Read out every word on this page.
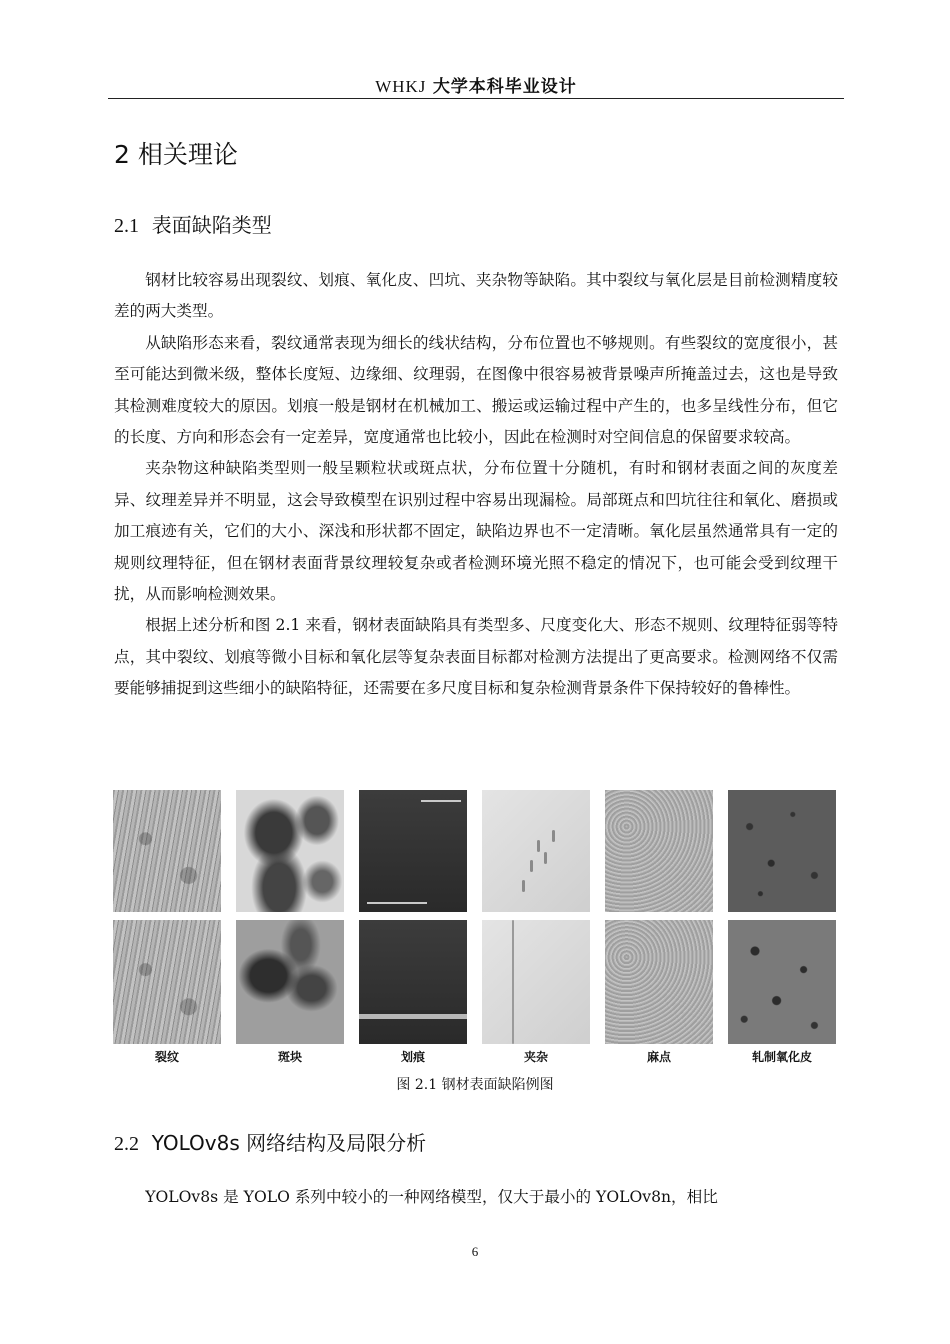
WHKJ 大学本科毕业设计
2 相关理论
2.1 表面缺陷类型

钢材比较容易出现裂纹、划痕、氧化皮、凹坑、夹杂物等缺陷。其中裂纹与氧化层是目前检测精度较差的两大类型。

从缺陷形态来看，裂纹通常表现为细长的线状结构，分布位置也不够规则。有些裂纹的宽度很小，甚至可能达到微米级，整体长度短、边缘细、纹理弱，在图像中很容易被背景噪声所掩盖过去，这也是导致其检测难度较大的原因。划痕一般是钢材在机械加工、搬运或运输过程中产生的，也多呈线性分布，但它的长度、方向和形态会有一定差异，宽度通常也比较小，因此在检测时对空间信息的保留要求较高。

夹杂物这种缺陷类型则一般呈颗粒状或斑点状，分布位置十分随机，有时和钢材表面之间的灰度差异、纹理差异并不明显，这会导致模型在识别过程中容易出现漏检。局部斑点和凹坑往往和氧化、磨损或加工痕迹有关，它们的大小、深浅和形状都不固定，缺陷边界也不一定清晰。氧化层虽然通常具有一定的规则纹理特征，但在钢材表面背景纹理较复杂或者检测环境光照不稳定的情况下，也可能会受到纹理干扰，从而影响检测效果。

根据上述分析和图 2.1 来看，钢材表面缺陷具有类型多、尺度变化大、形态不规则、纹理特征弱等特点，其中裂纹、划痕等微小目标和氧化层等复杂表面目标都对检测方法提出了更高要求。检测网络不仅需要能够捕捉到这些细小的缺陷特征，还需要在多尺度目标和复杂检测背景条件下保持较好的鲁棒性。

裂纹	斑块	划痕	夹杂	麻点	轧制氧化皮
图 2.1 钢材表面缺陷例图
2.2 YOLOv8s 网络结构及局限分析

YOLOv8s 是 YOLO 系列中较小的一种网络模型，仅大于最小的 YOLOv8n，相比

6
